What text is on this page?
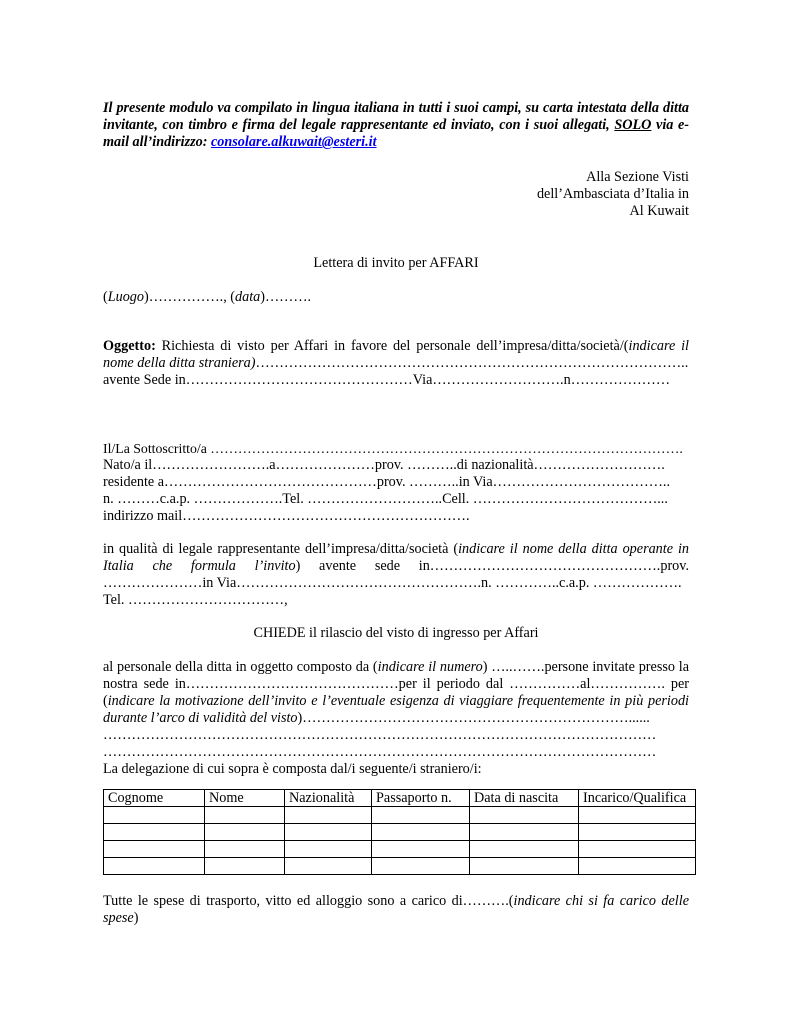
Il presente modulo va compilato in lingua italiana in tutti i suoi campi, su carta intestata della ditta invitante, con timbro e firma del legale rappresentante ed inviato, con i suoi allegati, SOLO via e-mail all’indirizzo: consolare.alkuwait@esteri.it
Alla Sezione Visti
dell’Ambasciata d’Italia in
Al Kuwait
Lettera di invito per AFFARI
(Luogo)……………., (data)……….
Oggetto: Richiesta di visto per Affari in favore del personale dell’impresa/ditta/società/(indicare il nome della ditta straniera)………………………………………………………………………………..
avente Sede in…………………………………………Via……………………….n…………………
Il/La Sottoscritto/a ………………………………………………………………………………………….
Nato/a il…………………….a…………………prov. ………..di nazionalità……………………….
residente a………………………………………prov. ………..in Via………………………………..
n. ………c.a.p. ……………….Tel. ………………………..Cell. …………………………………...
indirizzo mail…………………………………………………….
in qualità di legale rappresentante dell’impresa/ditta/società (indicare il nome della ditta operante in Italia che formula l’invito) avente sede in………………………………………….prov. …………………in Via…………………………………………….n. …………..c.a.p. ……………….
Tel. ……………………………,
CHIEDE il rilascio del visto di ingresso per Affari
al personale della ditta in oggetto composto da (indicare il numero) …..…….persone invitate presso la nostra sede in………………………………………per il periodo dal ……………al……………. per (indicare la motivazione dell’invito e l’eventuale esigenza di viaggiare frequentemente in più periodi durante l’arco di validità del visto)……………………………………………………………......
………………………………………………………………………………………………………
………………………………………………………………………………………………………
La delegazione di cui sopra è composta dal/i seguente/i straniero/i:
Cognome	Nome	Nazionalità	Passaporto n.	Data di nascita	Incarico/Qualifica

Tutte le spese di trasporto, vitto ed alloggio sono a carico di……….(indicare chi si fa carico delle spese)
